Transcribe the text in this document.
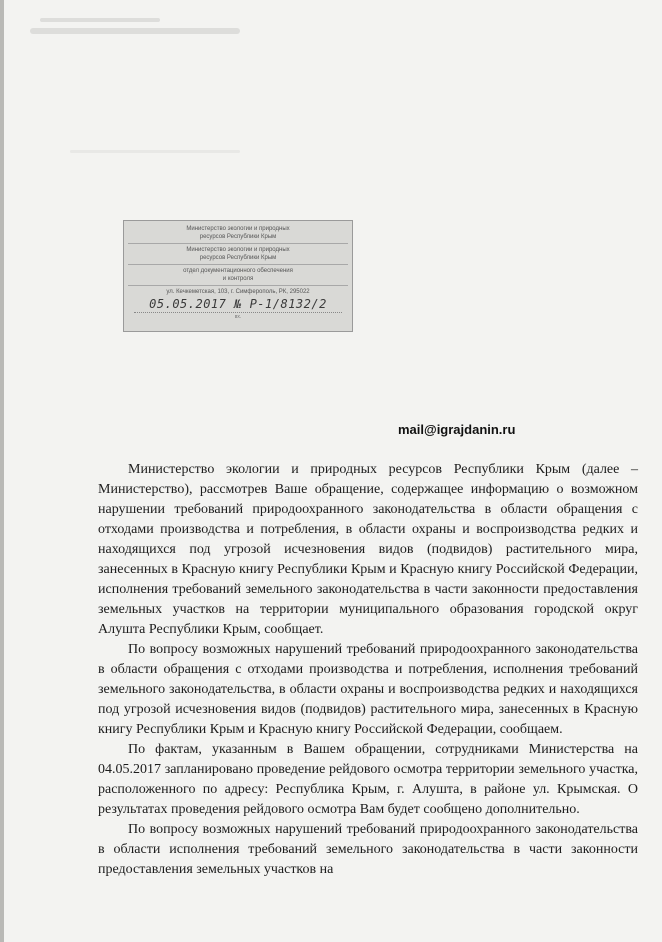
Министерство экологии и природных
ресурсов Республики Крым
Министерство экологии и природных
ресурсов Республики Крым
отдел документационного обеспечения
и контроля
ул. Кечкеметская, 103, г. Симферополь, РК, 295022
05.05.2017 № P-1/8132/2
вх.
mail@igrajdanin.ru

Министерство экологии и природных ресурсов Республики Крым (далее – Министерство), рассмотрев Ваше обращение, содержащее информацию о возможном нарушении требований природоохранного законодательства в области обращения с отходами производства и потребления, в области охраны и воспроизводства редких и находящихся под угрозой исчезновения видов (подвидов) растительного мира, занесенных в Красную книгу Республики Крым и Красную книгу Российской Федерации, исполнения требований земельного законодательства в части законности предоставления земельных участков на территории муниципального образования городской округ Алушта Республики Крым, сообщает.

По вопросу возможных нарушений требований природоохранного законодательства в области обращения с отходами производства и потребления, исполнения требований земельного законодательства, в области охраны и воспроизводства редких и находящихся под угрозой исчезновения видов (подвидов) растительного мира, занесенных в Красную книгу Республики Крым и Красную книгу Российской Федерации, сообщаем.

По фактам, указанным в Вашем обращении, сотрудниками Министерства на 04.05.2017 запланировано проведение рейдового осмотра территории земельного участка, расположенного по адресу: Республика Крым, г. Алушта, в районе ул. Крымская. О результатах проведения рейдового осмотра Вам будет сообщено дополнительно.

По вопросу возможных нарушений требований природоохранного законодательства в области исполнения требований земельного законодательства в части законности предоставления земельных участков на
